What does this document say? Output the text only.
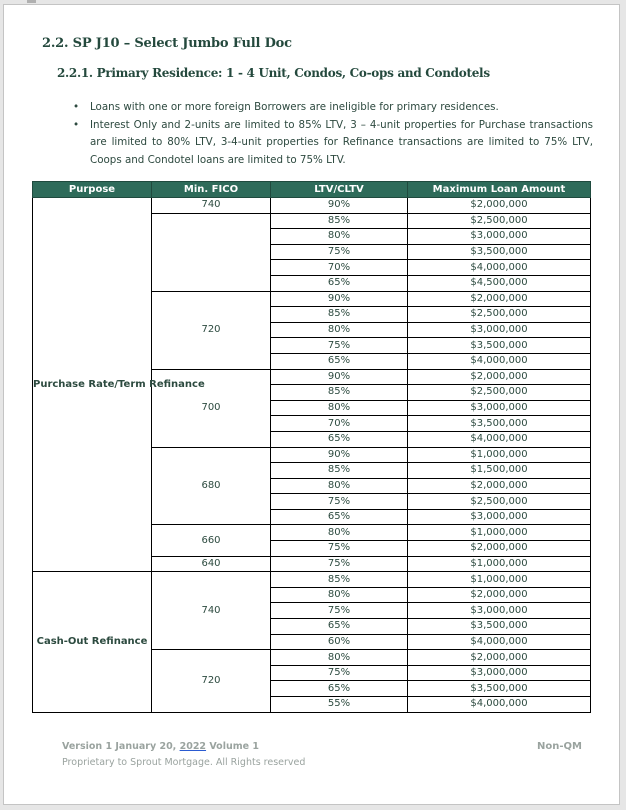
2.2. SP J10 – Select Jumbo Full Doc
2.2.1. Primary Residence: 1 - 4 Unit, Condos, Co-ops and Condotels
• Loans with one or more foreign Borrowers are ineligible for primary residences.
• Interest Only and 2-units are limited to 85% LTV, 3 – 4-unit properties for Purchase transactions are limited to 80% LTV, 3-4-unit properties for Refinance transactions are limited to 75% LTV, Coops and Condotel loans are limited to 75% LTV.
Purpose	Min. FICO	LTV/CLTV	Maximum Loan Amount
Purchase Rate/Term Refinance	740	90%	$2,000,000
		85%	$2,500,000
		80%	$3,000,000
		75%	$3,500,000
		70%	$4,000,000
		65%	$4,500,000
	720	90%	$2,000,000
		85%	$2,500,000
		80%	$3,000,000
		75%	$3,500,000
		65%	$4,000,000
	700	90%	$2,000,000
		85%	$2,500,000
		80%	$3,000,000
		70%	$3,500,000
		65%	$4,000,000
	680	90%	$1,000,000
		85%	$1,500,000
		80%	$2,000,000
		75%	$2,500,000
		65%	$3,000,000
	660	80%	$1,000,000
		75%	$2,000,000
	640	75%	$1,000,000
Cash-Out Refinance	740	85%	$1,000,000
		80%	$2,000,000
		75%	$3,000,000
		65%	$3,500,000
		60%	$4,000,000
	720	80%	$2,000,000
		75%	$3,000,000
		65%	$3,500,000
		55%	$4,000,000
Version 1 January 20, 2022 Volume 1
Proprietary to Sprout Mortgage. All Rights reserved
Non-QM
